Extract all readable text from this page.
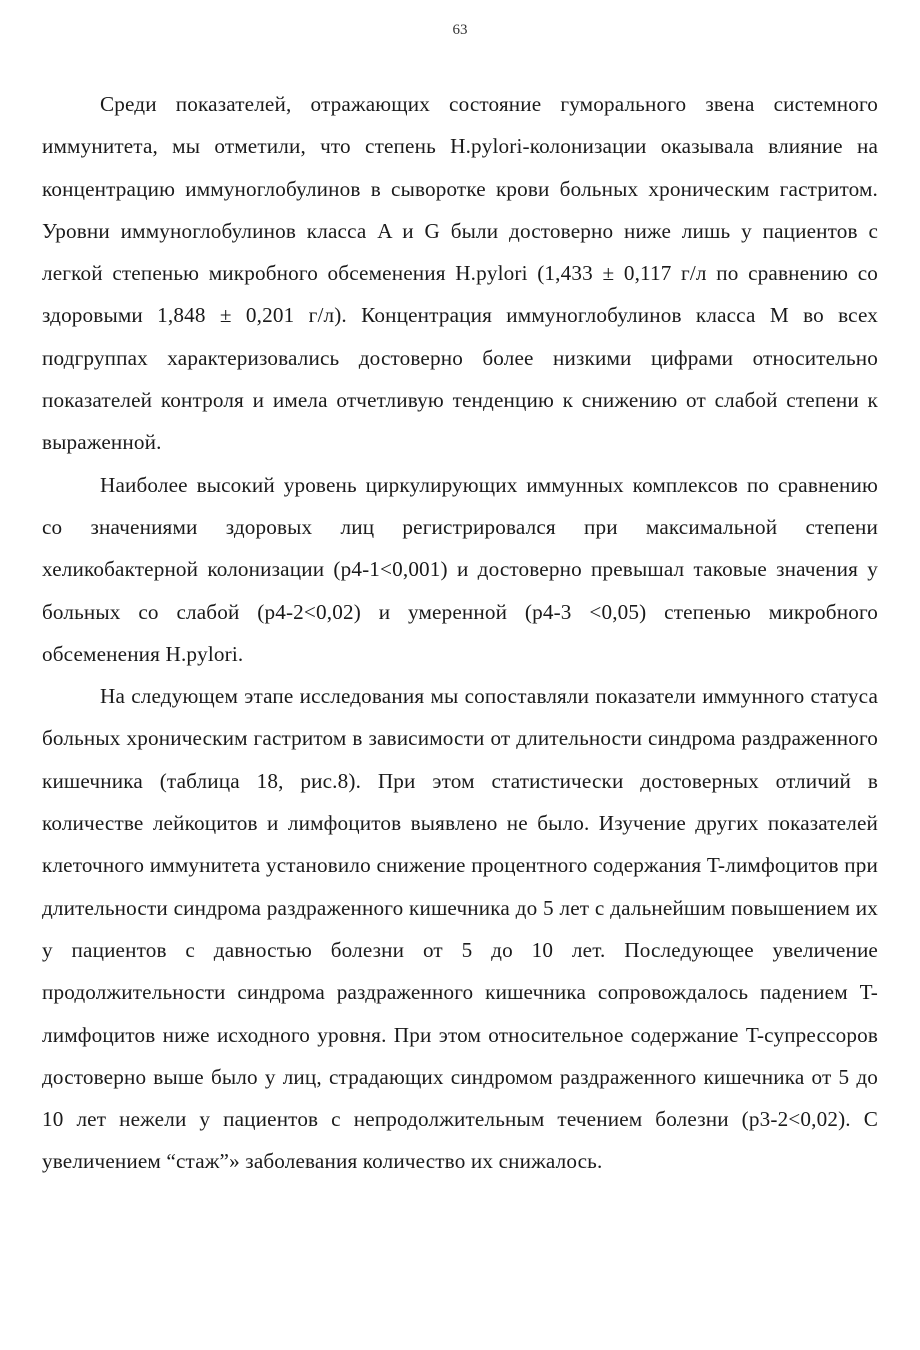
63

Среди показателей, отражающих состояние гуморального звена системного иммунитета, мы отметили, что степень H.pylori-колонизации оказывала влияние на концентрацию иммуноглобулинов в сыворотке крови больных хроническим гастритом. Уровни иммуноглобулинов класса A и G были достоверно ниже лишь у пациентов с легкой степенью микробного обсеменения H.pylori (1,433 ± 0,117 г/л по сравнению со здоровыми 1,848 ± 0,201 г/л). Концентрация иммуноглобулинов класса M во всех подгруппах характеризовались достоверно более низкими цифрами относительно показателей контроля и имела отчетливую тенденцию к снижению от слабой степени к выраженной.

Наиболее высокий уровень циркулирующих иммунных комплексов по сравнению со значениями здоровых лиц регистрировался при максимальной степени хеликобактерной колонизации (p4-1<0,001) и достоверно превышал таковые значения у больных со слабой (p4-2<0,02) и умеренной (p4-3 <0,05) степенью микробного обсеменения H.pylori.

На следующем этапе исследования мы сопоставляли показатели иммунного статуса больных хроническим гастритом в зависимости от длительности синдрома раздраженного кишечника (таблица 18, рис.8). При этом статистически достоверных отличий в количестве лейкоцитов и лимфоцитов выявлено не было. Изучение других показателей клеточного иммунитета установило снижение процентного содержания T-лимфоцитов при длительности синдрома раздраженного кишечника до 5 лет с дальнейшим повышением их у пациентов с давностью болезни от 5 до 10 лет. Последующее увеличение продолжительности синдрома раздраженного кишечника сопровождалось падением T-лимфоцитов ниже исходного уровня. При этом относительное содержание T-супрессоров достоверно выше было у лиц, страдающих синдромом раздраженного кишечника от 5 до 10 лет нежели у пациентов с непродолжительным течением болезни (p3-2<0,02). С увеличением “стаж”» заболевания количество их снижалось.
